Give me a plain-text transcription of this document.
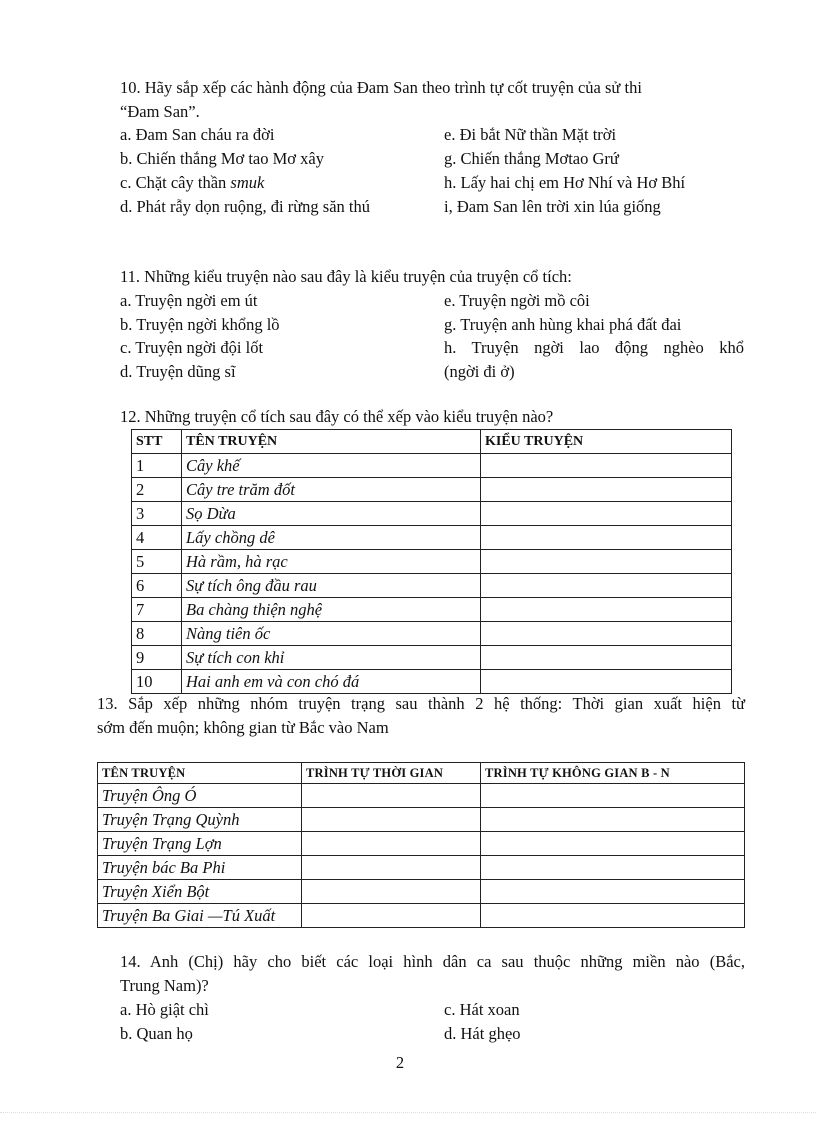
10. Hãy sắp xếp các hành động của Đam San theo trình tự cốt truyện của sử thi
“Đam San”.
a. Đam San cháu ra đời
b. Chiến thắng Mơ tao Mơ xây
c. Chặt cây thần smuk
d. Phát rẫy dọn ruộng, đi rừng săn thú
e. Đi bắt Nữ thần Mặt trời
g. Chiến thắng Mơtao Grứ
h. Lấy hai chị em Hơ Nhí và Hơ Bhí
i, Đam San lên trời xin lúa giống
11. Những kiểu truyện nào sau đây là kiểu truyện của truyện cổ tích:
a. Truyện ngời em út
b. Truyện ngời khổng lồ
c. Truyện ngời đội lốt
d. Truyện dũng sĩ
e. Truyện ngời mồ côi
g. Truyện anh hùng khai phá đất đai
h. Truyện ngời lao động nghèo khổ
(ngời đi ở)
12. Những truyện cổ tích sau đây có thể xếp vào kiểu truyện nào?
STT	TÊN TRUYỆN	KIỂU TRUYỆN
1	Cây khế	
2	Cây tre trăm đốt	
3	Sọ Dừa	
4	Lấy chồng dê	
5	Hà rầm, hà rạc	
6	Sự tích ông đầu rau	
7	Ba chàng thiện nghệ	
8	Nàng tiên ốc	
9	Sự tích con khỉ	
10	Hai anh em và con chó đá	
13. Sắp xếp những nhóm truyện trạng sau thành 2 hệ thống: Thời gian xuất hiện từ
sớm đến muộn; không gian từ Bắc vào Nam
TÊN TRUYỆN	TRÌNH TỰ THỜI GIAN	TRÌNH TỰ KHÔNG GIAN B - N
Truyện Ông Ó		
Truyện Trạng Quỳnh		
Truyện Trạng Lợn		
Truyện bác Ba Phi		
Truyện Xiển Bột		
Truyện Ba Giai —Tú Xuất		
14. Anh (Chị) hãy cho biết các loại hình dân ca sau thuộc những miền nào (Bắc,
Trung Nam)?
a. Hò giật chì
b. Quan họ
c. Hát xoan
d. Hát ghẹo
2
